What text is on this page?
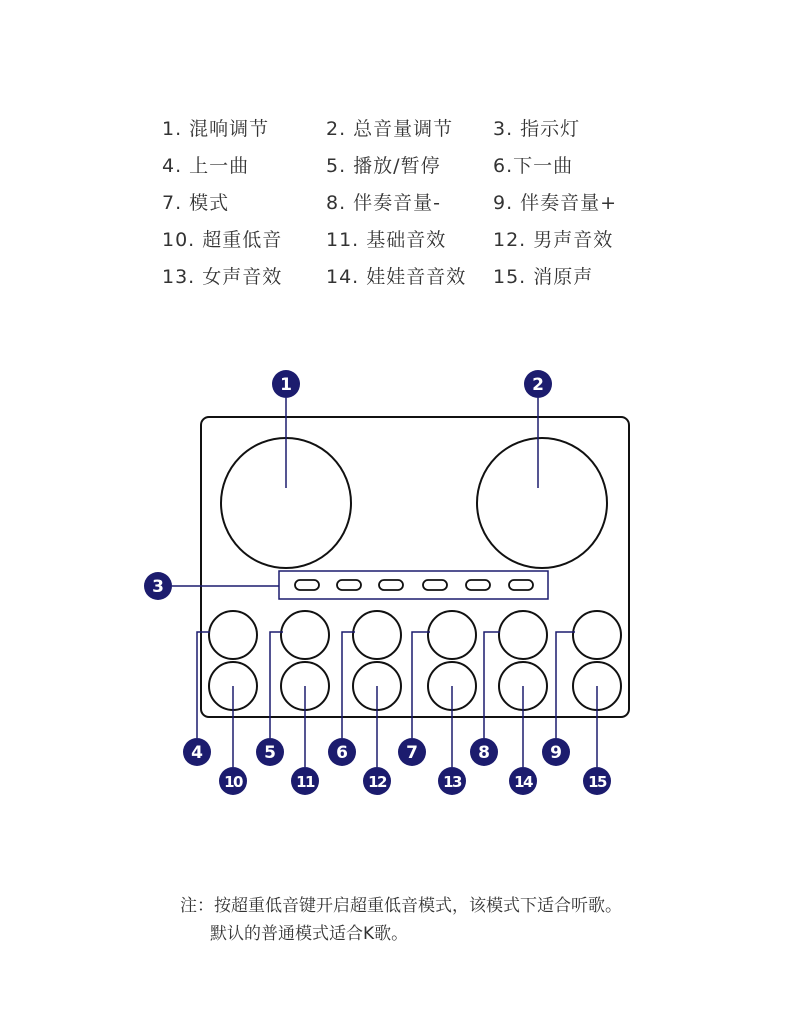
1. 混响调节	2. 总音量调节 3. 指示灯
4. 上一曲	5. 播放/暂停	6.下一曲
7. 模式	8. 伴奏音量-	9. 伴奏音量+
10. 超重低音 11. 基础音效 12. 男声音效
13. 女声音效 14. 娃娃音音效 15. 消原声
1	2
3
4	5	6	7	8	9
10	11	12	13	14	15
注：按超重低音键开启超重低音模式，该模式下适合听歌。
默认的普通模式适合K歌。
